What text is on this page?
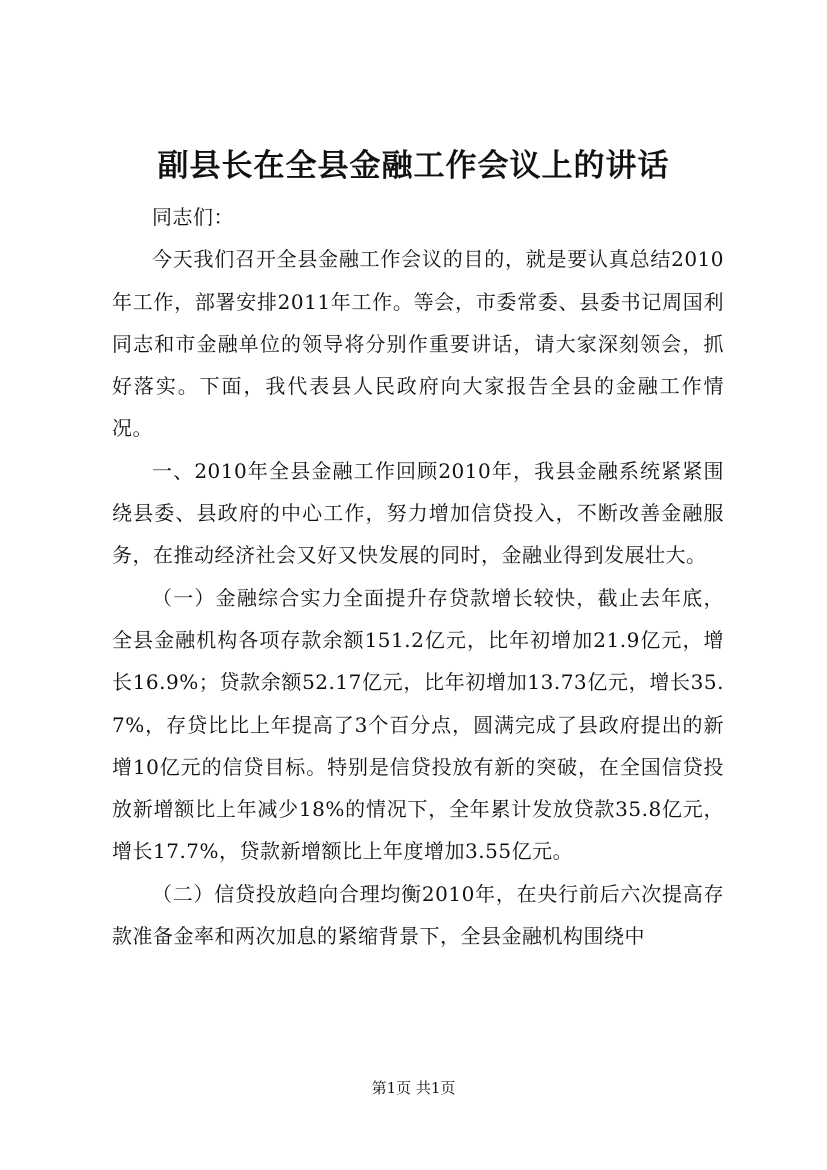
副县长在全县金融工作会议上的讲话

同志们：

今天我们召开全县金融工作会议的目的，就是要认真总结2010年工作，部署安排2011年工作。等会，市委常委、县委书记周国利同志和市金融单位的领导将分别作重要讲话，请大家深刻领会，抓好落实。下面，我代表县人民政府向大家报告全县的金融工作情况。

一、2010年全县金融工作回顾2010年，我县金融系统紧紧围绕县委、县政府的中心工作，努力增加信贷投入，不断改善金融服务，在推动经济社会又好又快发展的同时，金融业得到发展壮大。

（一）金融综合实力全面提升存贷款增长较快，截止去年底，全县金融机构各项存款余额151.2亿元，比年初增加21.9亿元，增长16.9%；贷款余额52.17亿元，比年初增加13.73亿元，增长35.7%，存贷比比上年提高了3个百分点，圆满完成了县政府提出的新增10亿元的信贷目标。特别是信贷投放有新的突破，在全国信贷投放新增额比上年减少18%的情况下，全年累计发放贷款35.8亿元，增长17.7%，贷款新增额比上年度增加3.55亿元。

（二）信贷投放趋向合理均衡2010年，在央行前后六次提高存款准备金率和两次加息的紧缩背景下，全县金融机构围绕中

第1页 共1页
